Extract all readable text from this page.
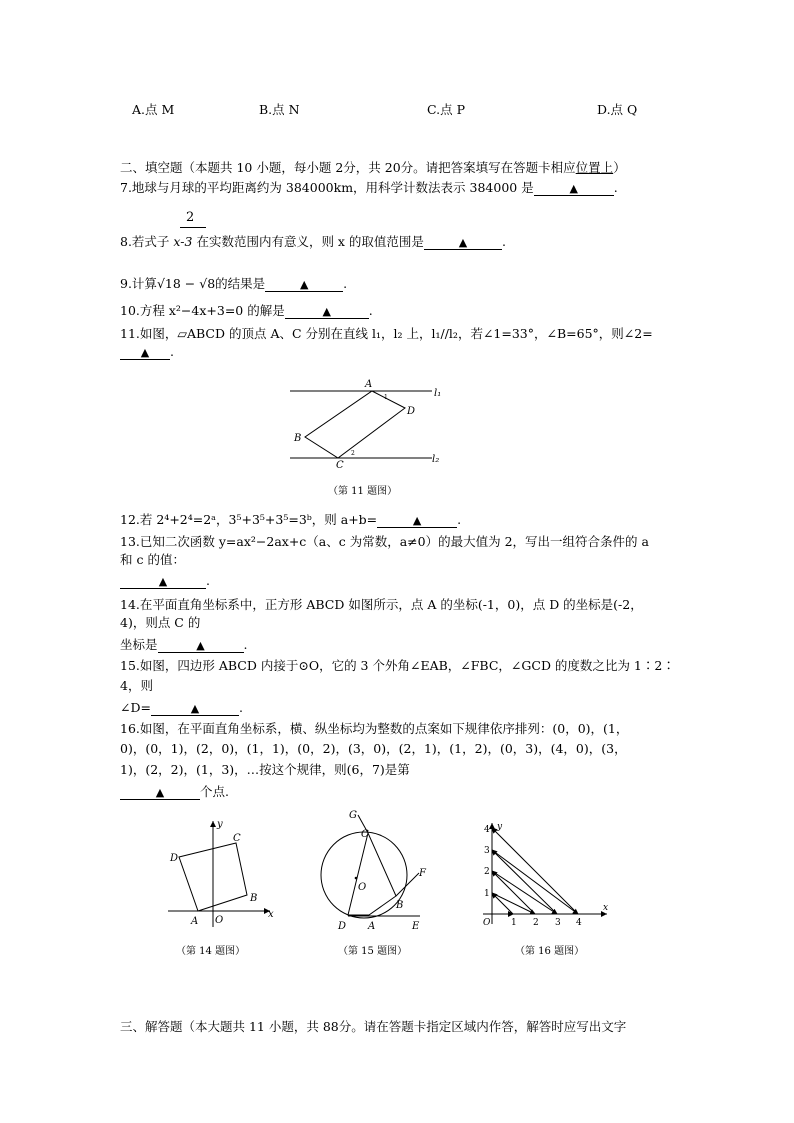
A.点 M	B.点 N	C.点 P	D.点 Q
二、填空题（本题共 10 小题，每小题 2分，共 20分。请把答案填写在答题卡相应位置上）
7.地球与月球的平均距离约为 384000km，用科学计数法表示 384000 是	▲	.
2
8.若式子 x-3 在实数范围内有意义，则 x 的取值范围是	▲	.
9.计算√18 − √8的结果是	▲	.
10.方程 x²−4x+3=0 的解是	▲	.
11.如图，▱ABCD 的顶点 A、C 分别在直线 l₁，l₂ 上，l₁//l₂，若∠1=33°，∠B=65°，则∠2=
▲ .
A
D
B
C
l₁
l₂
1
2
（第 11 题图）
12.若 2⁴+2⁴=2ᵃ，3⁵+3⁵+3⁵=3ᵇ，则 a+b=	▲	.
13.已知二次函数 y=ax²−2ax+c（a、c 为常数，a≠0）的最大值为 2，写出一组符合条件的 a
和 c 的值：
▲	.
14.在平面直角坐标系中，正方形 ABCD 如图所示，点 A 的坐标(-1，0)，点 D 的坐标是(-2，
4)，则点 C 的
坐标是	▲	.
15.如图，四边形 ABCD 内接于⊙O，它的 3 个外角∠EAB，∠FBC，∠GCD 的度数之比为 1∶2∶
4，则
∠D=	▲	.
16.如图，在平面直角坐标系，横、纵坐标均为整数的点案如下规律依序排列：(0，0)，(1，
0)，(0，1)，(2，0)，(1，1)，(0，2)，(3，0)，(2，1)，(1，2)，(0，3)，(4，0)，(3，
1)，(2，2)，(1，3)，…按这个规律，则(6，7)是第
▲	个点.
y
x
A O
B
C
D
（第 14 题图）
G
C
F
O
B
D A	E
（第 15 题图）
y
x
O 1 2 3 4
1
2
3
4
（第 16 题图）
三、解答题（本大题共 11 小题，共 88分。请在答题卡指定区域内作答，解答时应写出文字
